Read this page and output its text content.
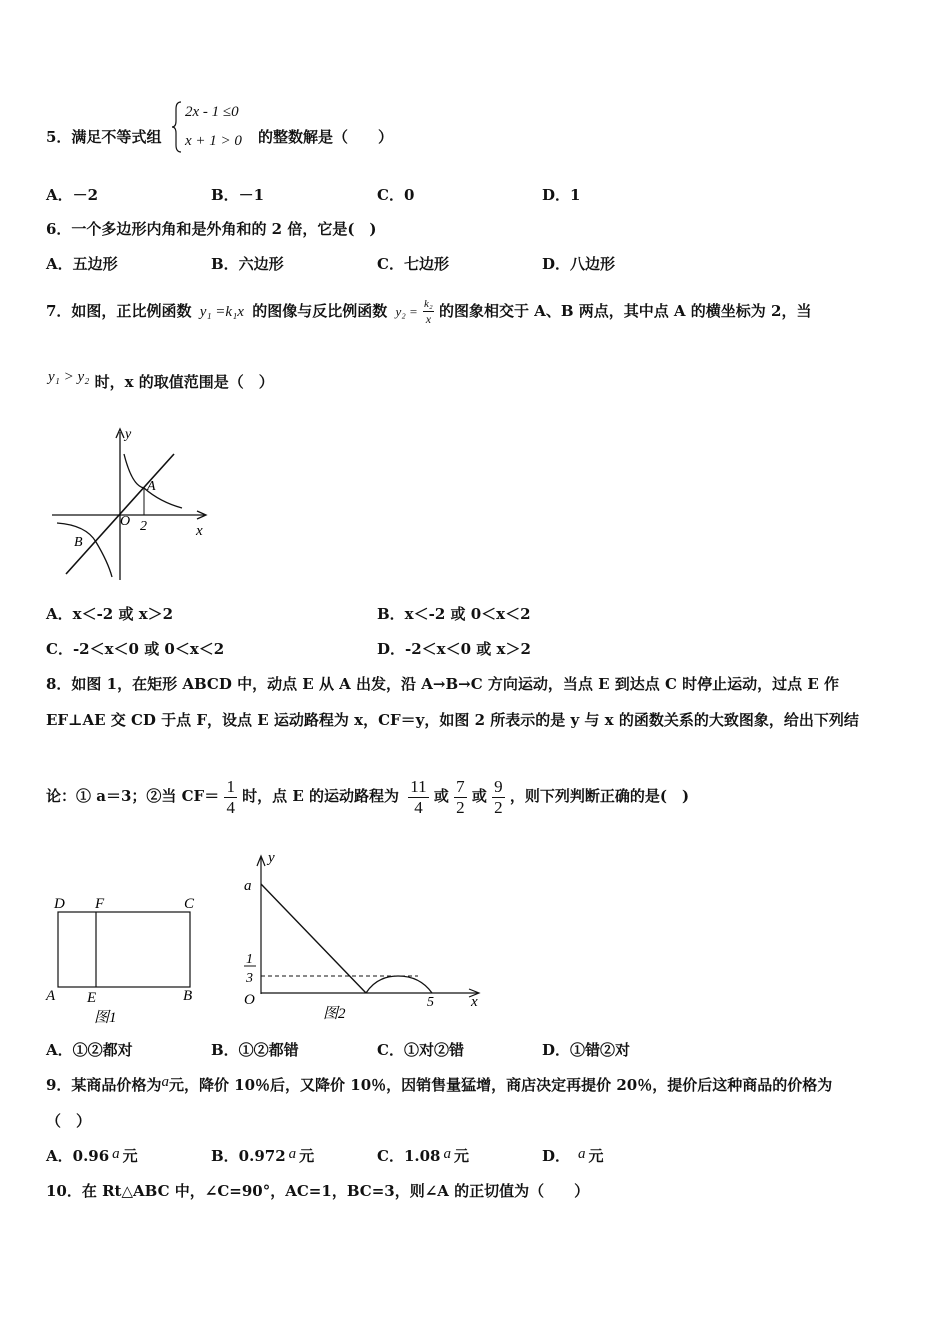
5．满足不等式组
2x - 1 ≤0
x + 1 > 0 的整数解是（　　）
A．－2	B．－1	C．0	D．1
6．一个多边形内角和是外角和的 2 倍，它是(　)
A．五边形	B．六边形	C．七边形	D．八边形
7．如图，正比例函数 y₁ =k₁x 的图像与反比例函数 $y_2 = \frac{\text{k₂}}{x}$ 的图象相交于 A、B 两点，其中点 A 的横坐标为 2，当
y₁ > y₂ 时，x 的取值范围是（　）
y
A
O 2	x
B
A．x＜-2 或 x＞2	B．x＜-2 或 0＜x＜2
C．-2＜x＜0 或 0＜x＜2	D．-2＜x＜0 或 x＞2
8．如图 1，在矩形 ABCD 中，动点 E 从 A 出发，沿 A→B→C 方向运动，当点 E 到达点 C 时停止运动，过点 E 作
EF⊥AE 交 CD 于点 F，设点 E 运动路程为 x，CF＝y，如图 2 所表示的是 y 与 x 的函数关系的大致图象，给出下列结
论：① a＝3；②当 $CF= \frac{1}{4}$ 时，点 E 的运动路程为 $\frac{11}{4}$ 或 $\frac{7}{2}$ 或 $\frac{9}{2}$ ，则下列判断正确的是(　)
D F	C
A E	B
图1
y
a
1
3
O	5 x
图2
A．①②都对	B．①②都错	C．①对②错	D．①错②对
9．某商品价格为a元，降价 10％后，又降价 10％，因销售量猛增，商店决定再提价 20％，提价后这种商品的价格为
（　）
A．0.96 a 元	B．0.972 a 元	C．1.08 a 元	D． a 元
10．在 Rt△ABC 中，∠C=90°，AC=1，BC=3，则∠A 的正切值为（　　）
